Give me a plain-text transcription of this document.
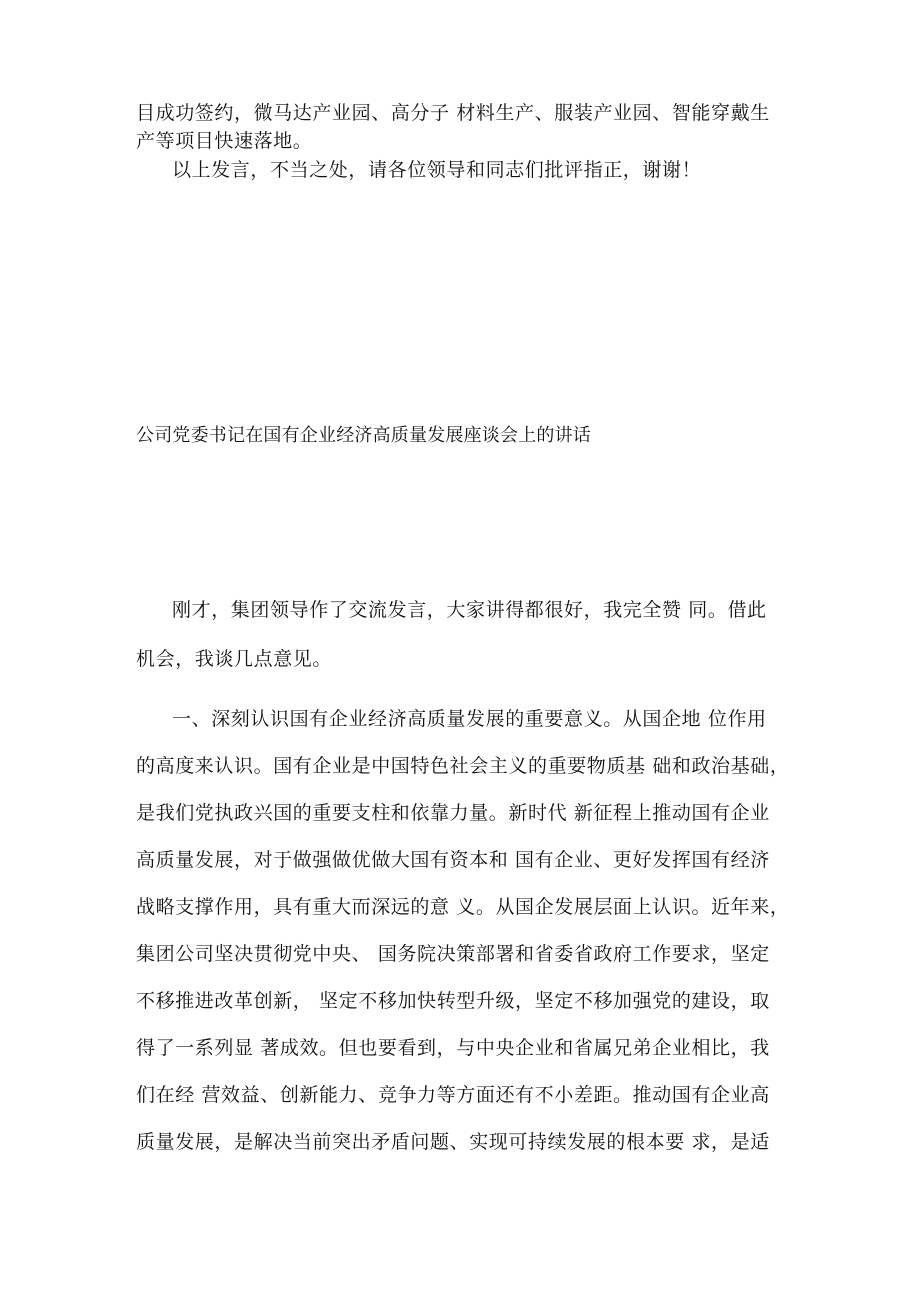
目成功签约，微马达产业园、高分子 材料生产、服装产业园、智能穿戴生
产等项目快速落地。
以上发言，不当之处，请各位领导和同志们批评指正，谢谢！
公司党委书记在国有企业经济高质量发展座谈会上的讲话
刚才，集团领导作了交流发言，大家讲得都很好，我完全赞 同。借此
机会，我谈几点意见。
一、深刻认识国有企业经济高质量发展的重要意义。从国企地 位作用
的高度来认识。国有企业是中国特色社会主义的重要物质基 础和政治基础，
是我们党执政兴国的重要支柱和依靠力量。新时代 新征程上推动国有企业
高质量发展，对于做强做优做大国有资本和 国有企业、更好发挥国有经济
战略支撑作用，具有重大而深远的意 义。从国企发展层面上认识。近年来，
集团公司坚决贯彻党中央、 国务院决策部署和省委省政府工作要求，坚定
不移推进改革创新， 坚定不移加快转型升级，坚定不移加强党的建设，取
得了一系列显 著成效。但也要看到，与中央企业和省属兄弟企业相比，我
们在经 营效益、创新能力、竞争力等方面还有不小差距。推动国有企业高
质量发展，是解决当前突出矛盾问题、实现可持续发展的根本要 求，是适
